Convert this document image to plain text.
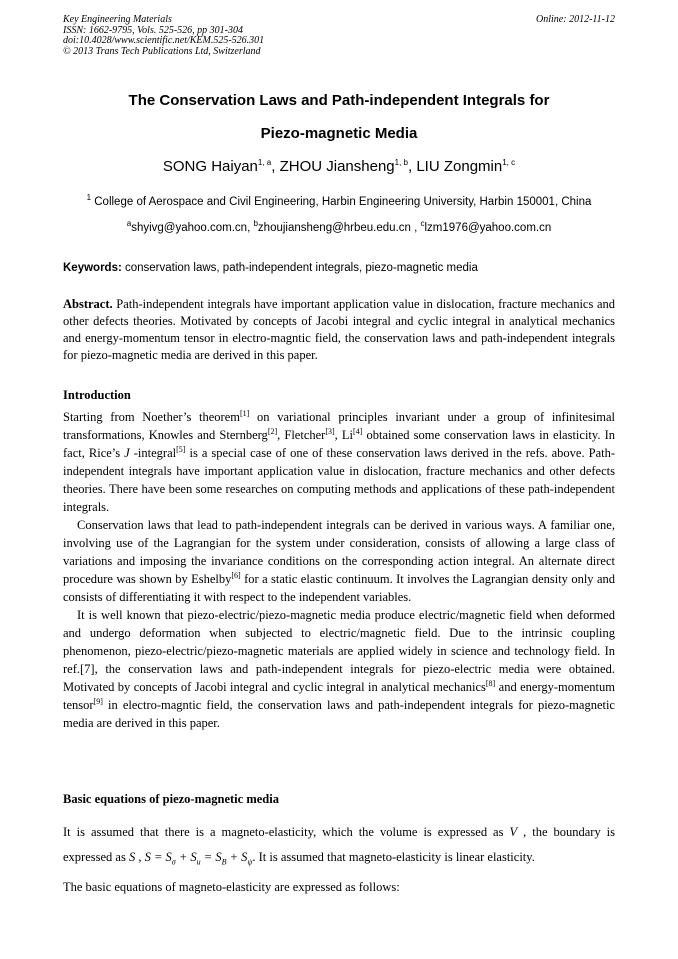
Key Engineering Materials
ISSN: 1662-9795, Vols. 525-526, pp 301-304
doi:10.4028/www.scientific.net/KEM.525-526.301
© 2013 Trans Tech Publications Ltd, Switzerland
Online: 2012-11-12
The Conservation Laws and Path-independent Integrals for
Piezo-magnetic Media
SONG Haiyan$^{1, a}$, ZHOU Jiansheng$^{1, b}$, LIU Zongmin$^{1, c}$
$^1$ College of Aerospace and Civil Engineering, Harbin Engineering University, Harbin 150001, China
$^a$shyivg@yahoo.com.cn, $^b$zhoujiansheng@hrbeu.edu.cn , $^c$lzm1976@yahoo.com.cn
Keywords: conservation laws, path-independent integrals, piezo-magnetic media

Abstract. Path-independent integrals have important application value in dislocation, fracture mechanics and other defects theories. Motivated by concepts of Jacobi integral and cyclic integral in analytical mechanics and energy-momentum tensor in electro-magntic field, the conservation laws and path-independent integrals for piezo-magnetic media are derived in this paper.

Introduction

Starting from Noether’s theorem[1] on variational principles invariant under a group of infinitesimal transformations, Knowles and Sternberg[2], Fletcher[3], Li[4] obtained some conservation laws in elasticity. In fact, Rice’s J -integral[5] is a special case of one of these conservation laws derived in the refs. above. Path-independent integrals have important application value in dislocation, fracture mechanics and other defects theories. There have been some researches on computing methods and applications of these path-independent integrals.

Conservation laws that lead to path-independent integrals can be derived in various ways. A familiar one, involving use of the Lagrangian for the system under consideration, consists of allowing a large class of variations and imposing the invariance conditions on the corresponding action integral. An alternate direct procedure was shown by Eshelby[6] for a static elastic continuum. It involves the Lagrangian density only and consists of differentiating it with respect to the independent variables.

It is well known that piezo-electric/piezo-magnetic media produce electric/magnetic field when deformed and undergo deformation when subjected to electric/magnetic field. Due to the intrinsic coupling phenomenon, piezo-electric/piezo-magnetic materials are applied widely in science and technology field. In ref.[7], the conservation laws and path-independent integrals for piezo-electric media were obtained. Motivated by concepts of Jacobi integral and cyclic integral in analytical mechanics[8] and energy-momentum tensor[9] in electro-magntic field, the conservation laws and path-independent integrals for piezo-magnetic media are derived in this paper.

Basic equations of piezo-magnetic media

It is assumed that there is a magneto-elasticity, which the volume is expressed as V , the boundary is expressed as S , $S = S_\sigma + S_u = S_B + S_\psi$. It is assumed that magneto-elasticity is linear elasticity.

The basic equations of magneto-elasticity are expressed as follows:
